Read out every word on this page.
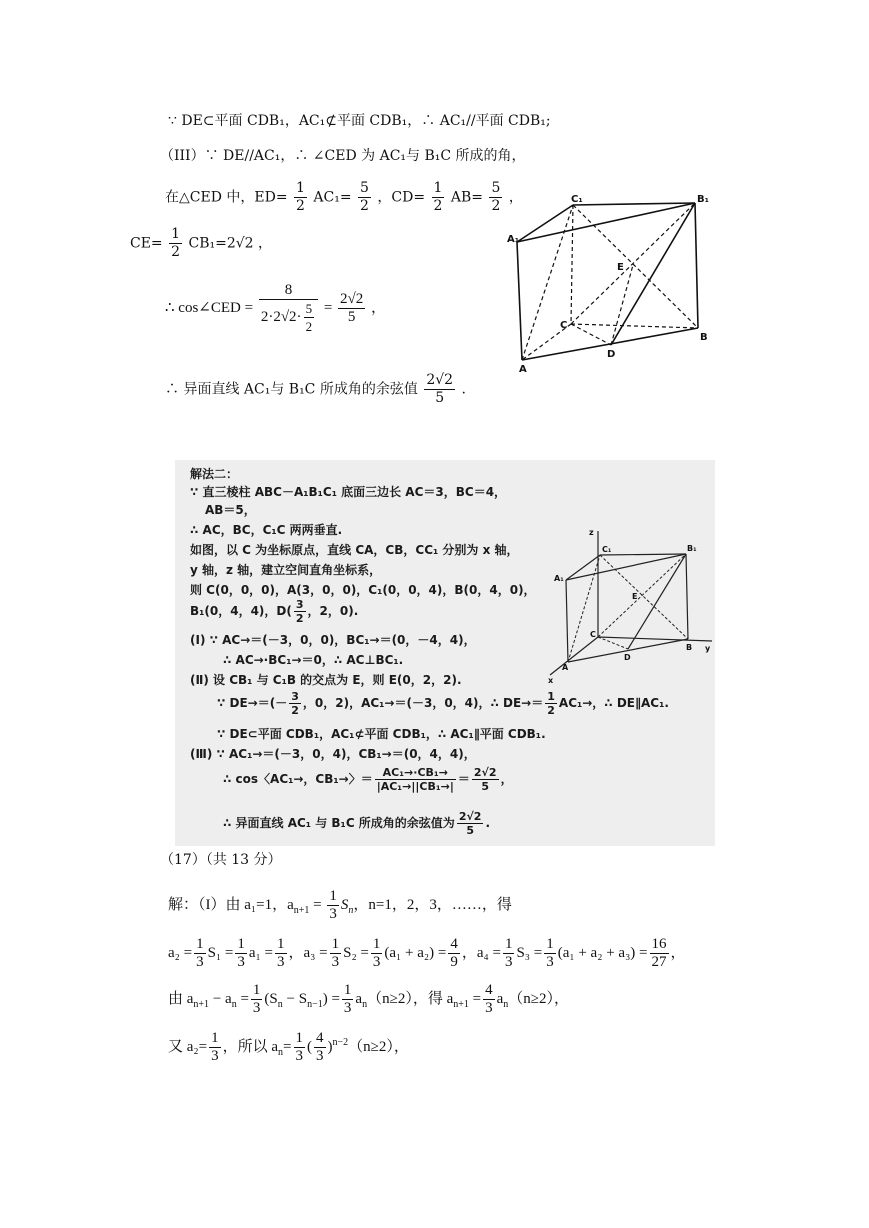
∵ DE⊂平面 CDB₁，AC₁⊄平面 CDB₁，∴ AC₁//平面 CDB₁;
（III）∵ DE//AC₁，∴ ∠CED 为 AC₁与 B₁C 所成的角，
在△CED 中，$ED= \frac{1}{2} AC_1= \frac{5}{2}$ ，$CD= \frac{1}{2} AB= \frac{5}{2}$ ，
$CE= \frac{1}{2} CB_1=2√2$ ，
∴ cos∠CED = $\frac{8}{2\cdot 2√2\cdot \frac{5}{2}} = \frac{2√2}{5}$ ，
∴ 异面直线 AC₁与 B₁C 所成角的余弦值 $\frac{2√2}{5}$ .
C₁	B₁
A₁
E
C
B
D
A
解法二：
∵ 直三棱柱 ABC－A₁B₁C₁ 底面三边长 AC＝3，BC＝4，
AB＝5，
∴ AC，BC，C₁C 两两垂直.
如图，以 C 为坐标原点，直线 CA，CB，CC₁ 分别为 x 轴，
y 轴，z 轴，建立空间直角坐标系，
则 C(0，0，0)，A(3，0，0)，C₁(0，0，4)，B(0，4，0)，
B₁(0，4，4)，$D( \frac{3}{2}$ ，2，0).
(Ⅰ) ∵ AC→＝(－3，0，0)，BC₁→＝(0，－4，4)，
∴ AC→·BC₁→＝0，∴ AC⊥BC₁.
(Ⅱ) 设 CB₁ 与 C₁B 的交点为 E，则 E(0，2，2).
∵ $DE\to=(- \frac{3}{2}$ ，0，2)，AC₁→＝(－3，0，4)，∴ $DE\to= \frac{1}{2} AC_1\to$，∴ DE∥AC₁.
∵ DE⊂平面 CDB₁，AC₁⊄平面 CDB₁，∴ AC₁∥平面 CDB₁.
(Ⅲ) ∵ AC₁→＝(－3，0，4)，CB₁→＝(0，4，4)，
∴ cos〈AC₁→，CB₁→〉＝ $\frac{\text{AC₁→·CB₁→}}{\text{|AC₁→||CB₁→|}} = \frac{2√2}{5}$ ，
∴ 异面直线 AC₁ 与 B₁C 所成角的余弦值为 $\frac{2√2}{5}$ .
z
C₁	B₁
A₁
E
C
D
B y
A
x
（17）（共 13 分）
解：（I）由 a₁=1，$a_{n+1} = \frac{1}{3} S_n$，n=1，2，3，……，得
$a_2 = \frac{1}{3} S_1 = \frac{1}{3} a_1 = \frac{1}{3}$ ，$a_3 = \frac{1}{3} S_2 = \frac{1}{3} (a_1 + a_2) = \frac{4}{9}$ ，$a_4 = \frac{1}{3} S_3 = \frac{1}{3} (a_1 + a_2 + a_3) = \frac{16}{27}$ ，
由 $a_{n+1} - a_n = \frac{1}{3} (S_n - S_{n-1}) = \frac{1}{3} a_n(n\ge 2)$，得 $a_{n+1} = \frac{4}{3} a_n(n\ge 2)$，
又 $a_2= \frac{1}{3}$ ，所以 $a_n= \frac{1}{3}$ ( $\frac{4}{3} )^{n-2}(n\ge 2)$，
